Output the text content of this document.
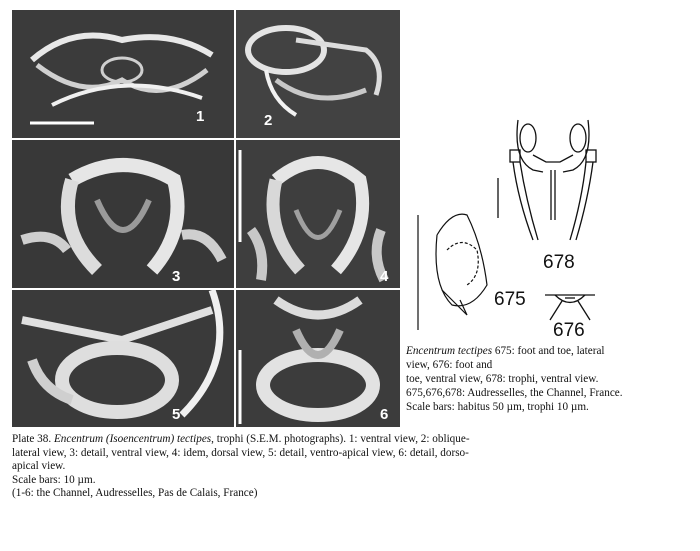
1	2
3	4
5	6
678
675
676
Encentrum tectipes 675: foot and toe, lateral
view, 676: foot and
toe, ventral view, 678: trophi, ventral view.
675,676,678: Audresselles, the Channel, France.
Scale bars: habitus 50 µm, trophi 10 µm.
Plate 38. Encentrum (Isoencentrum) tectipes, trophi (S.E.M. photographs). 1: ventral view, 2: oblique-
lateral view, 3: detail, ventral view, 4: idem, dorsal view, 5: detail, ventro-apical view, 6: detail, dorso-
apical view.
Scale bars: 10 µm.
(1-6: the Channel, Audresselles, Pas de Calais, France)
